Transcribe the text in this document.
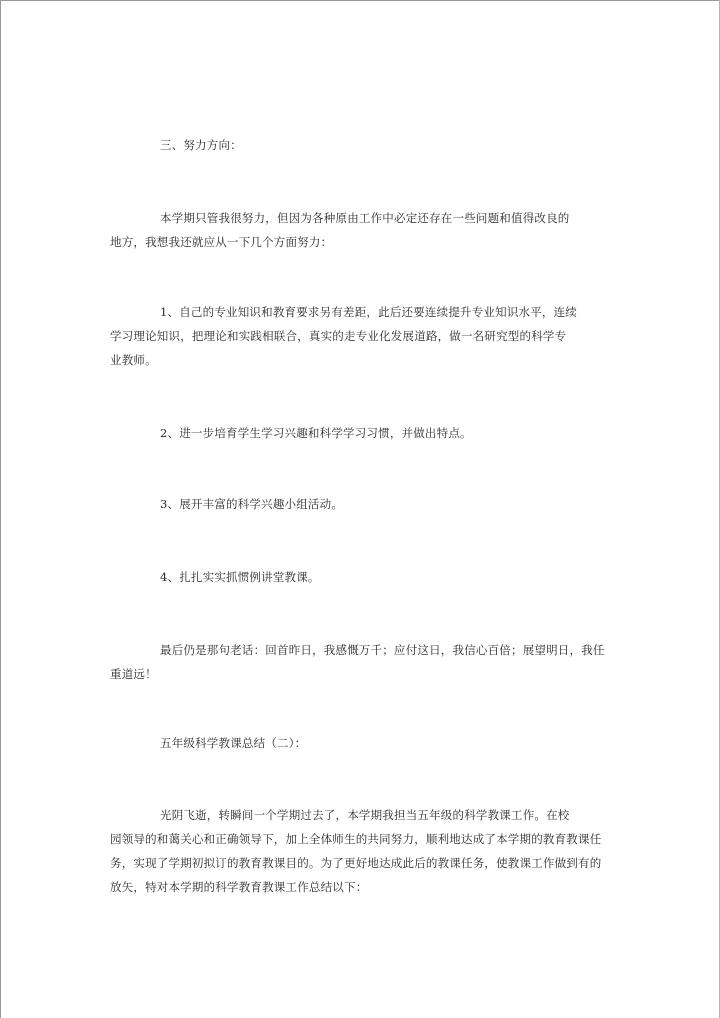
三、努力方向：
本学期只管我很努力，但因为各种原由工作中必定还存在一些问题和值得改良的
地方，我想我还就应从一下几个方面努力：
1、自己的专业知识和教育要求另有差距，此后还要连续提升专业知识水平，连续
学习理论知识，把理论和实践相联合，真实的走专业化发展道路，做一名研究型的科学专
业教师。
2、进一步培育学生学习兴趣和科学学习习惯，并做出特点。
3、展开丰富的科学兴趣小组活动。
4、扎扎实实抓惯例讲堂教课。
最后仍是那句老话：回首昨日，我感慨万千；应付这日，我信心百倍；展望明日，我任
重道远！
五年级科学教课总结（二）：
光阴飞逝，转瞬间一个学期过去了，本学期我担当五年级的科学教课工作。在校
园领导的和蔼关心和正确领导下，加上全体师生的共同努力，顺利地达成了本学期的教育教课任
务，实现了学期初拟订的教育教课目的。为了更好地达成此后的教课任务，使教课工作做到有的
放矢，特对本学期的科学教育教课工作总结以下：
